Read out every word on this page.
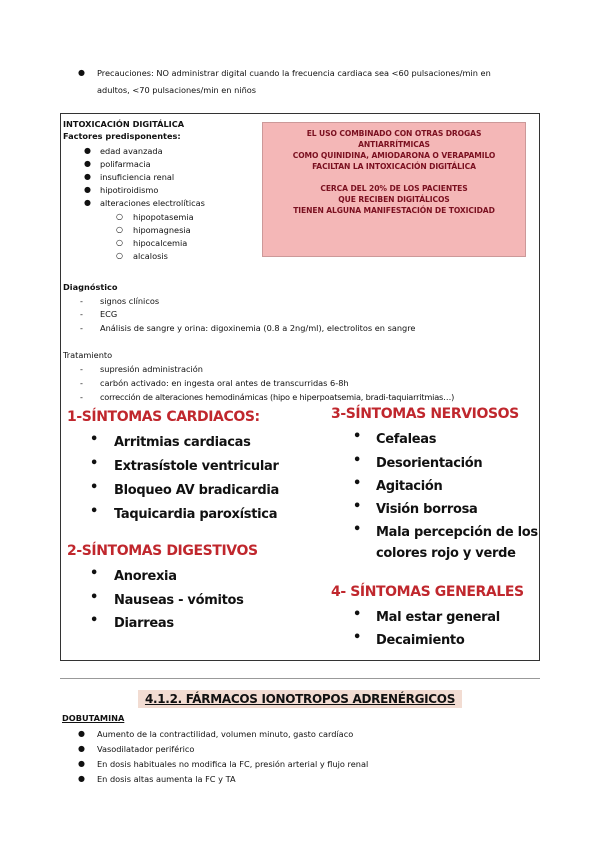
● Precauciones: NO administrar digital cuando la frecuencia cardiaca sea <60 pulsaciones/min en
adultos, <70 pulsaciones/min en niños
INTOXICACIÓN DIGITÁLICA
Factores predisponentes:
● edad avanzada
● polifarmacia
● insuficiencia renal
● hipotiroidismo
● alteraciones electrolíticas
○ hipopotasemia
○ hipomagnesia
○ hipocalcemia
○ alcalosis
EL USO COMBINADO CON OTRAS DROGAS
ANTIARRÍTMICAS
COMO QUINIDINA, AMIODARONA O VERAPAMILO
FACILTAN LA INTOXICACIÓN DIGITÁLICA
CERCA DEL 20% DE LOS PACIENTES
QUE RECIBEN DIGITÁLICOS
TIENEN ALGUNA MANIFESTACIÓN DE TOXICIDAD
Diagnóstico
- signos clínicos
- ECG
- Análisis de sangre y orina: digoxinemia (0.8 a 2ng/ml), electrolitos en sangre
Tratamiento
- supresión administración
- carbón activado: en ingesta oral antes de transcurridas 6-8h
- corrección de alteraciones hemodinámicas (hipo e hiperpoatsemia, bradi-taquiarritmias…)
1-SÍNTOMAS CARDIACOS:
• Arritmias cardiacas
• Extrasístole ventricular
• Bloqueo AV bradicardia
• Taquicardia paroxística
2-SÍNTOMAS DIGESTIVOS
• Anorexia
• Nauseas - vómitos
• Diarreas
3-SÍNTOMAS NERVIOSOS
• Cefaleas
• Desorientación
• Agitación
• Visión borrosa
• Mala percepción de los
colores rojo y verde
4- SÍNTOMAS GENERALES
• Mal estar general
• Decaimiento
4.1.2. FÁRMACOS IONOTROPOS ADRENÉRGICOS
DOBUTAMINA
● Aumento de la contractilidad, volumen minuto, gasto cardíaco
● Vasodilatador periférico
● En dosis habituales no modifica la FC, presión arterial y flujo renal
● En dosis altas aumenta la FC y TA
